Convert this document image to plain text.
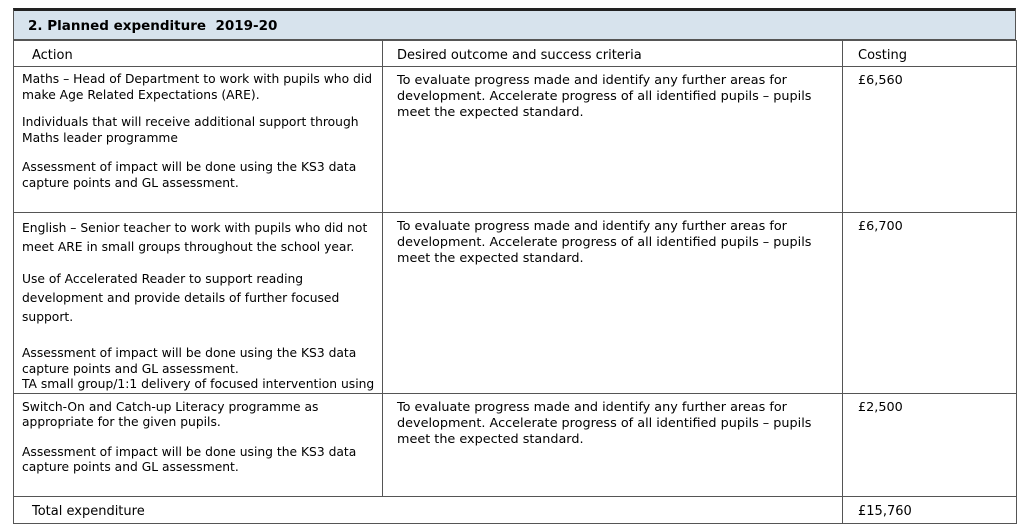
2. Planned expenditure  2019-20
Action	Desired outcome and success criteria	Costing

Maths – Head of Department to work with pupils who did make Age Related Expectations (ARE).
Individuals that will receive additional support through Maths leader programme
Assessment of impact will be done using the KS3 data capture points and GL assessment.	To evaluate progress made and identify any further areas for development. Accelerate progress of all identified pupils – pupils meet the expected standard.	£6,560

English – Senior teacher to work with pupils who did not meet ARE in small groups throughout the school year.
Use of Accelerated Reader to support reading development and provide details of further focused support.
Assessment of impact will be done using the KS3 data capture points and GL assessment.
TA small group/1:1 delivery of focused intervention using	To evaluate progress made and identify any further areas for development. Accelerate progress of all identified pupils – pupils meet the expected standard.	£6,700

Switch-On and Catch-up Literacy programme as appropriate for the given pupils.
Assessment of impact will be done using the KS3 data capture points and GL assessment.	To evaluate progress made and identify any further areas for development. Accelerate progress of all identified pupils – pupils meet the expected standard.	£2,500

Total expenditure		£15,760
